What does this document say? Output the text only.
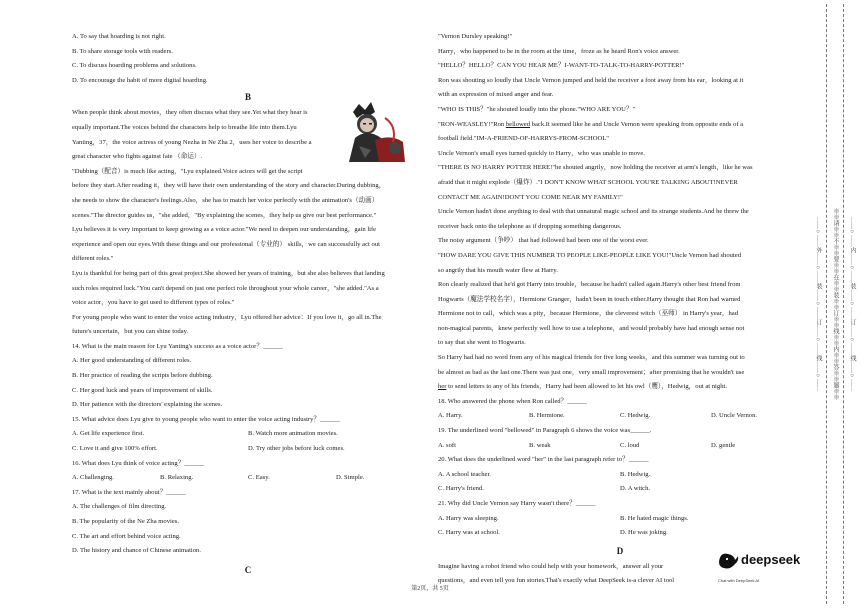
A. To say that hoarding is not right.
B. To share storage tools with readers.
C. To discuss hoarding problems and solutions.
D. To encourage the habit of more digital hoarding.
B
When people think about movies，they often discuss what they see.Yet what they hear is
equally important.The voices behind the characters help to breathe life into them.Lyu
Yanting，37，the voice actress of young Nezha in Ne Zha 2，uses her voice to describe a
great character who fights against fate （命运）.
"Dubbing（配音）is much like acting，"Lyu explained.Voice actors will get the script
before they start.After reading it，they will have their own understanding of the story and character.During dubbing，
she needs to show the character's feelings.Also，she has to match her voice perfectly with the animation's（动画）
scenes."The director guides us，"she added，"By explaining the scenes，they help us give our best performance."
Lyu believes it is very important to keep growing as a voice actor."We need to deepen our understanding，gain life
experience and open our eyes.With these things and our professional（专业的） skills，we can successfully act out
different roles."
Lyu is thankful for being part of this great project.She showed her years of training，but she also believes that landing
such roles required luck."You can't depend on just one perfect role throughout your whole career，"she added."As a
voice actor，you have to get used to different types of roles."
For young people who want to enter the voice acting industry，Lyu offered her advice：If you love it，go all in.The
future's uncertain，but you can shine today.
14. What is the main reason for Lyu Yanting's success as a voice actor？______
A. Her good understanding of different roles.
B. Her practice of reading the scripts before dubbing.
C. Her good luck and years of improvement of skills.
D. Her patience with the directors' explaining the scenes.
15. What advice does Lyu give to young people who want to enter the voice acting industry？______
A. Get life experience first.	B. Watch more animation movies.
C. Love it and give 100% effort.	D. Try other jobs before luck comes.
16. What does Lyu think of voice acting？______
A. Challenging.	B. Relaxing.	C. Easy.	D. Simple.
17. What is the text mainly about？______
A. The challenges of film directing.
B. The popularity of the Ne Zha movies.
C. The art and effort behind voice acting.
D. The history and chance of Chinese animation.
C
"Vernon Dursley speaking!"
Harry，who happened to be in the room at the time，froze as he heard Ron's voice answer.
"HELLO？HELLO？CAN YOU HEAR ME？I-WANT-TO-TALK-TO-HARRY-POTTER!"
Ron was shouting so loudly that Uncle Vernon jumped and held the receiver a foot away from his ear，looking at it
with an expression of mixed anger and fear.
"WHO IS THIS？"he shouted loudly into the phone."WHO ARE YOU？"
"RON-WEASLEY!"Ron bellowed back.It seemed like he and Uncle Vernon were speaking from opposite ends of a
football field."IM-A-FRIEND-OF-HARRYS-FROM-SCHOOL"
Uncle Vernon's small eyes turned quickly to Harry，who was unable to move.
"THERE IS NO HARRY POTTER HERE!"he shouted angrily，now holding the receiver at arm's length，like he was
afraid that it might explode（爆炸）."I DON'T KNOW WHAT SCHOOL YOU'RE TALKING ABOUT!NEVER
CONTACT ME AGAIN!DON'T YOU COME NEAR MY FAMILY!"
Uncle Vernon hadn't done anything to deal with that unnatural magic school and its strange students.And he threw the
receiver back onto the telephone as if dropping something dangerous.
The noisy argument（争吵） that had followed had been one of the worst ever.
"HOW DARE YOU GIVE THIS NUMBER TO PEOPLE LIKE-PEOPLE LIKE YOU!"Uncle Vernon had shouted
so angrily that his mouth water flew at Harry.
Ron clearly realized that he'd got Harry into trouble，because he hadn't called again.Harry's other best friend from
Hogwarts（魔法学校名字），Hermione Granger，hadn't been in touch either.Harry thought that Ron had warned
Hermione not to call，which was a pity，because Hermione，the cleverest witch（巫师） in Harry's year，had
non-magical parents，knew perfectly well how to use a telephone，and would probably have had enough sense not
to say that she went to Hogwarts.
So Harry had had no word from any of his magical friends for five long weeks，and this summer was turning out to
be almost as bad as the last one.There was just one，very small improvement；after promising that he wouldn't use
her to send letters to any of his friends，Harry had been allowed to let his owl（鹰），Hedwig，out at night.
18. Who answered the phone when Ron called？______
A. Harry.	B. Hermione.	C. Hedwig.	D. Uncle Vernon.
19. The underlined word "bellowed" in Paragraph 6 shows the voice was______.
A. soft	B. weak	C. loud	D. gentle
20. What does the underlined word "her" in the last paragraph refer to？______
A. A school teacher.	B. Hedwig.
C. Harry's friend.	D. A witch.
21. Why did Uncle Vernon say Harry wasn't there？______
A. Harry was sleeping.	B. He hated magic things.
C. Harry was at school.	D. He was joking.
D
Imagine having a robot friend who could help with your homework，answer all your
questions，and even tell you fun stories.That's exactly what DeepSeek is-a clever AI tool
deepseek
Chat with DeepSeek AI
第2页，共 5页
……○……外……○……装……○……订……○……线……○……	※※请※※不※※要※※在※※装※※订※※线※※内※※答※※题※※	……○……内……○……装……○……订……○……线……○……
